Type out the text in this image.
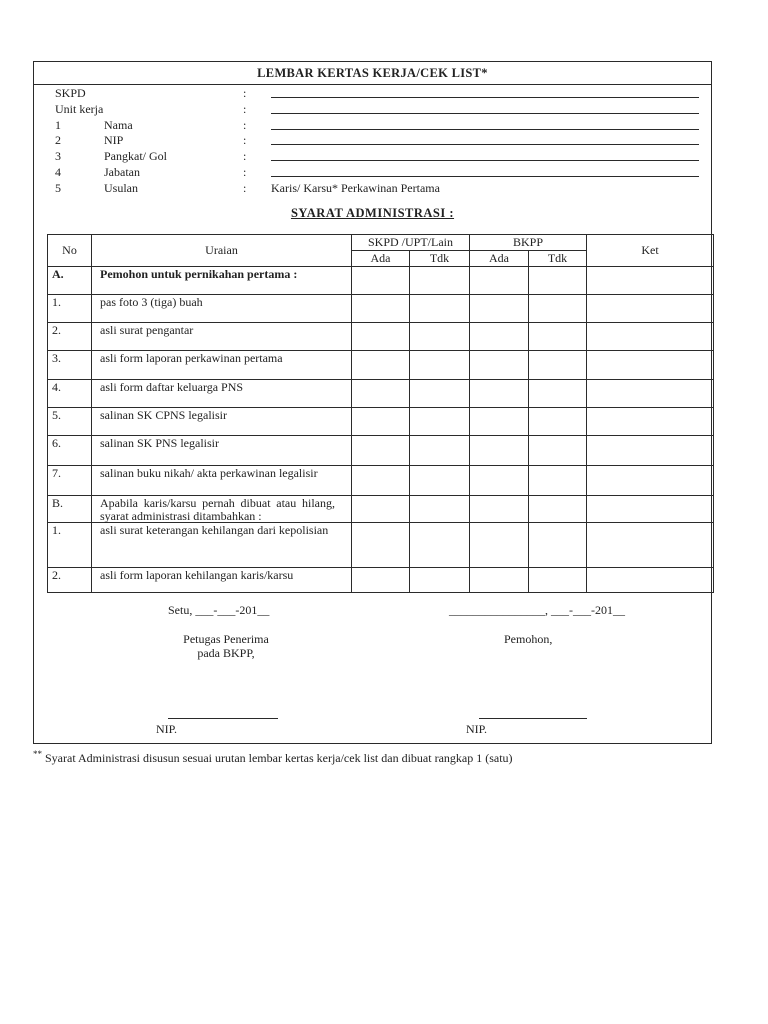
LEMBAR KERTAS KERJA/CEK LIST*
SKPD	:
Unit kerja	:
1	Nama	:
2	NIP	:
3	Pangkat/ Gol	:
4	Jabatan	:
5	Usulan	: Karis/ Karsu* Perkawinan Pertama
SYARAT ADMINISTRASI :
No	Uraian	SKPD /UPT/Lain		BKPP		Ket
		Ada	Tdk	Ada	Tdk	
A.	Pemohon untuk pernikahan pertama :					
1.	pas foto 3 (tiga) buah					
2.	asli surat pengantar					
3.	asli form laporan perkawinan pertama					
4.	asli form daftar keluarga PNS					
5.	salinan SK CPNS legalisir					
6.	salinan SK PNS legalisir					
7.	salinan buku nikah/ akta perkawinan legalisir					
B.	Apabila karis/karsu pernah dibuat atau hilang, syarat administrasi ditambahkan :					
1.	asli surat keterangan kehilangan dari kepolisian					
2.	asli form laporan kehilangan karis/karsu					
Setu, ___-___-201__	________________, ___-___-201__
Petugas Penerima
pada BKPP,
Pemohon,
NIP.	NIP.
** Syarat Administrasi disusun sesuai urutan lembar kertas kerja/cek list dan dibuat rangkap 1 (satu)
